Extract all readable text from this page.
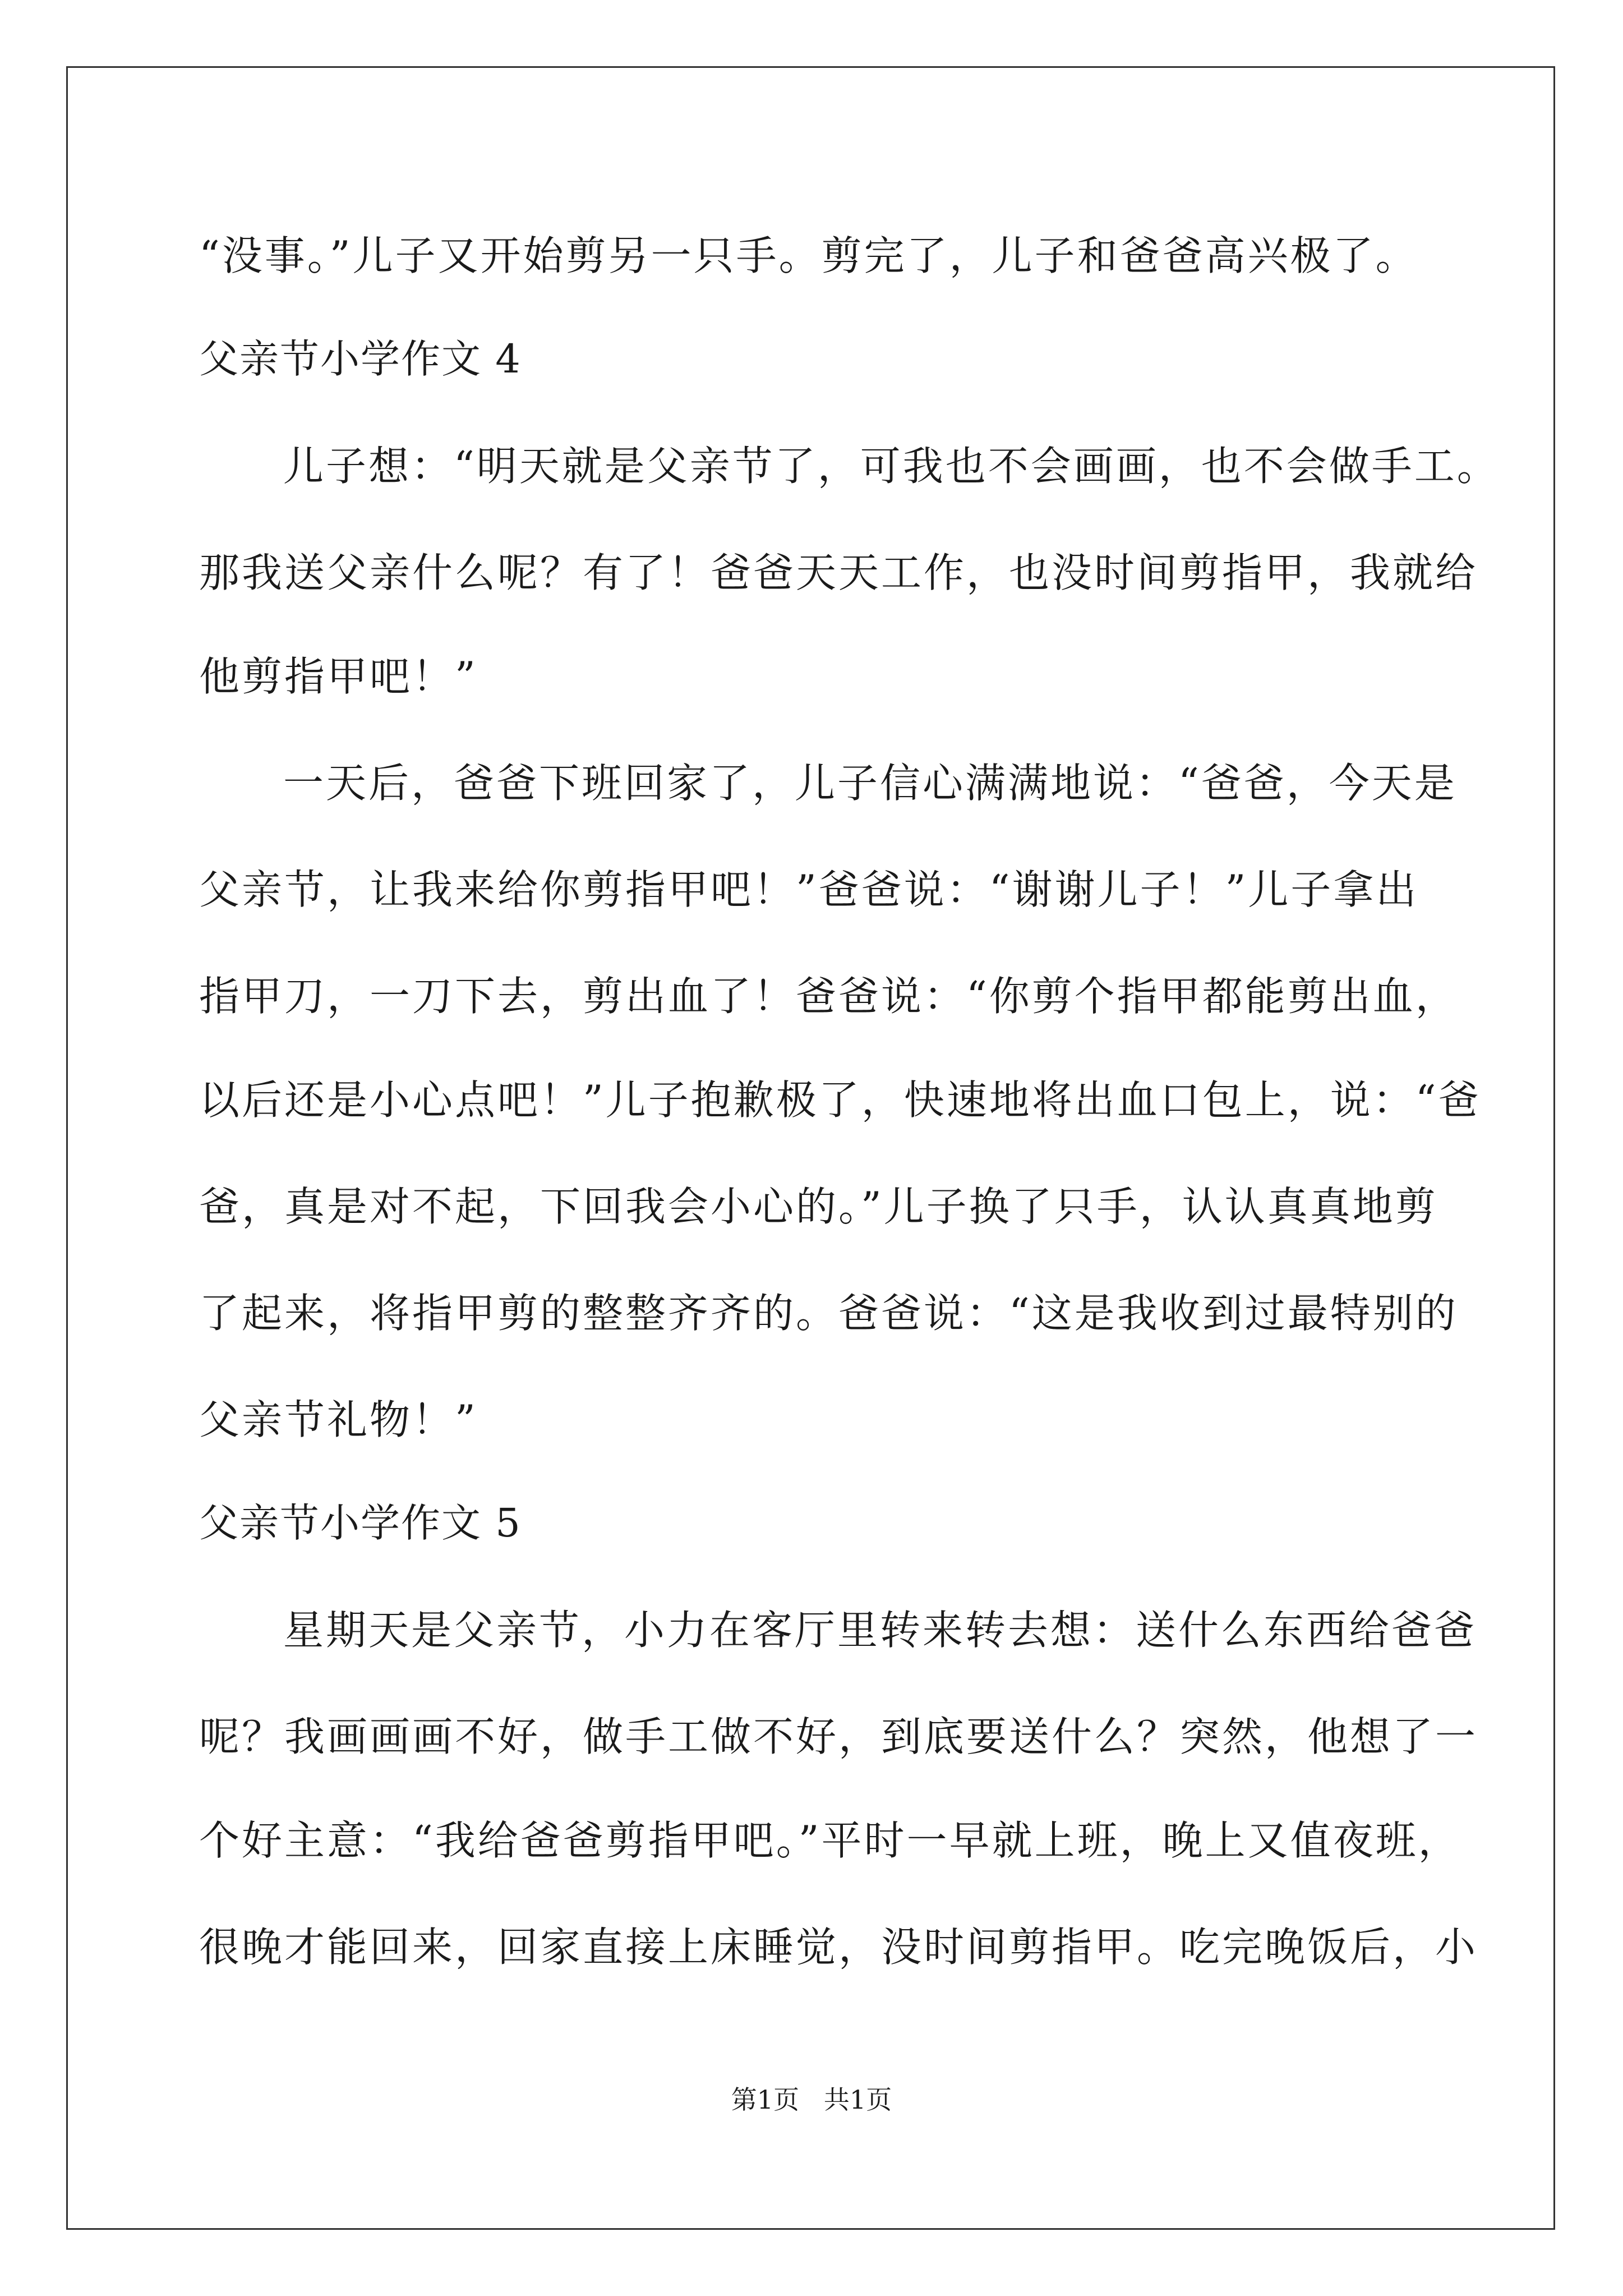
“没事。”儿子又开始剪另一只手。剪完了，儿子和爸爸高兴极了。
父亲节小学作文 4
儿子想：“明天就是父亲节了，可我也不会画画，也不会做手工。
那我送父亲什么呢？有了！爸爸天天工作，也没时间剪指甲，我就给
他剪指甲吧！”
一天后，爸爸下班回家了，儿子信心满满地说：“爸爸，今天是
父亲节，让我来给你剪指甲吧！”爸爸说：“谢谢儿子！”儿子拿出
指甲刀，一刀下去，剪出血了！爸爸说：“你剪个指甲都能剪出血，
以后还是小心点吧！”儿子抱歉极了，快速地将出血口包上，说：“爸
爸，真是对不起，下回我会小心的。”儿子换了只手，认认真真地剪
了起来，将指甲剪的整整齐齐的。爸爸说：“这是我收到过最特别的
父亲节礼物！”
父亲节小学作文 5
星期天是父亲节，小力在客厅里转来转去想：送什么东西给爸爸
呢？我画画画不好，做手工做不好，到底要送什么？突然，他想了一
个好主意：“我给爸爸剪指甲吧。”平时一早就上班，晚上又值夜班，
很晚才能回来，回家直接上床睡觉，没时间剪指甲。吃完晚饭后，小
第1页   共1页
